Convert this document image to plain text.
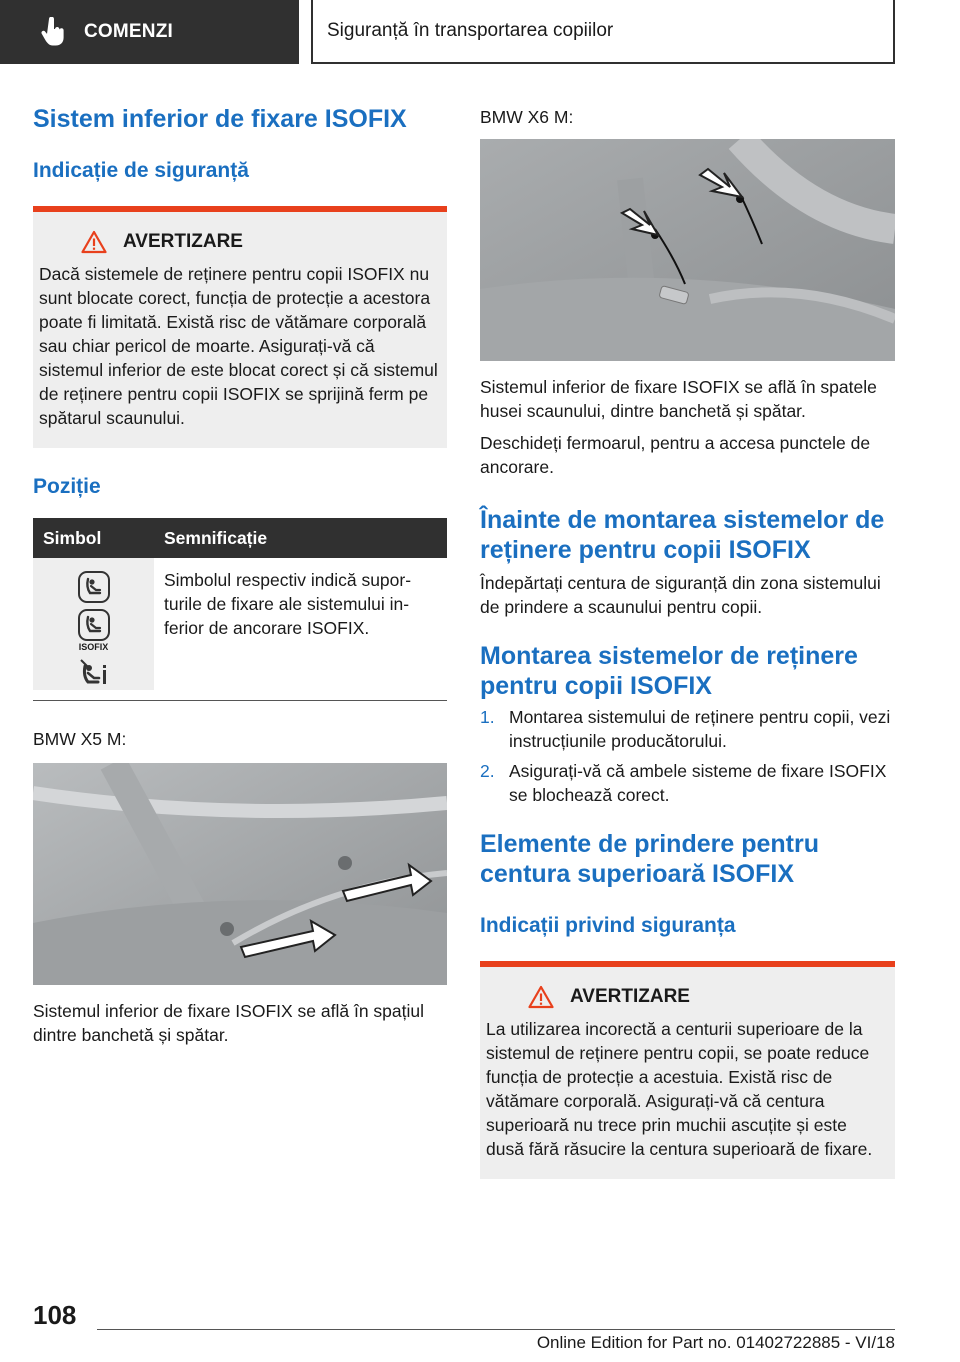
COMENZI	Siguranță în transportarea copiilor
Sistem inferior de fixare ISOFIX
Indicație de siguranță
AVERTIZARE

Dacă sistemele de reținere pentru copii ISOFIX nu sunt blocate corect, funcția de protecție a acestora poate fi limitată. Există risc de vătămare corporală sau chiar pericol de moarte. Asigurați-vă că sistemul inferior de este blocat corect și că sistemul de reținere pentru copii ISOFIX se sprijină ferm pe spătarul scaunului.

Poziție
Simbol	Semnificație

ISOFIX	Simbolul respectiv indică suporturile de fixare ale sistemului inferior de ancorare ISOFIX.

BMW X5 M:

Sistemul inferior de fixare ISOFIX se află în spațiul dintre banchetă și spătar.

BMW X6 M:

Sistemul inferior de fixare ISOFIX se află în spatele husei scaunului, dintre banchetă și spătar.

Deschideți fermoarul, pentru a accesa punctele de ancorare.

Înainte de montarea sistemelor de reținere pentru copii ISOFIX

Îndepărtați centura de siguranță din zona sistemului de prindere a scaunului pentru copii.

Montarea sistemelor de reținere pentru copii ISOFIX
1. Montarea sistemului de reținere pentru copii, vezi instrucțiunile producătorului.
2. Asigurați-vă că ambele sisteme de fixare ISOFIX se blochează corect.
Elemente de prindere pentru centura superioară ISOFIX
Indicații privind siguranța
AVERTIZARE

La utilizarea incorectă a centurii superioare de la sistemul de reținere pentru copii, se poate reduce funcția de protecție a acestuia. Există risc de vătămare corporală. Asigurați-vă că centura superioară nu trece prin muchii ascuțite și este dusă fără răsucire la centura superioară de fixare.

108
Online Edition for Part no. 01402722885 - VI/18
